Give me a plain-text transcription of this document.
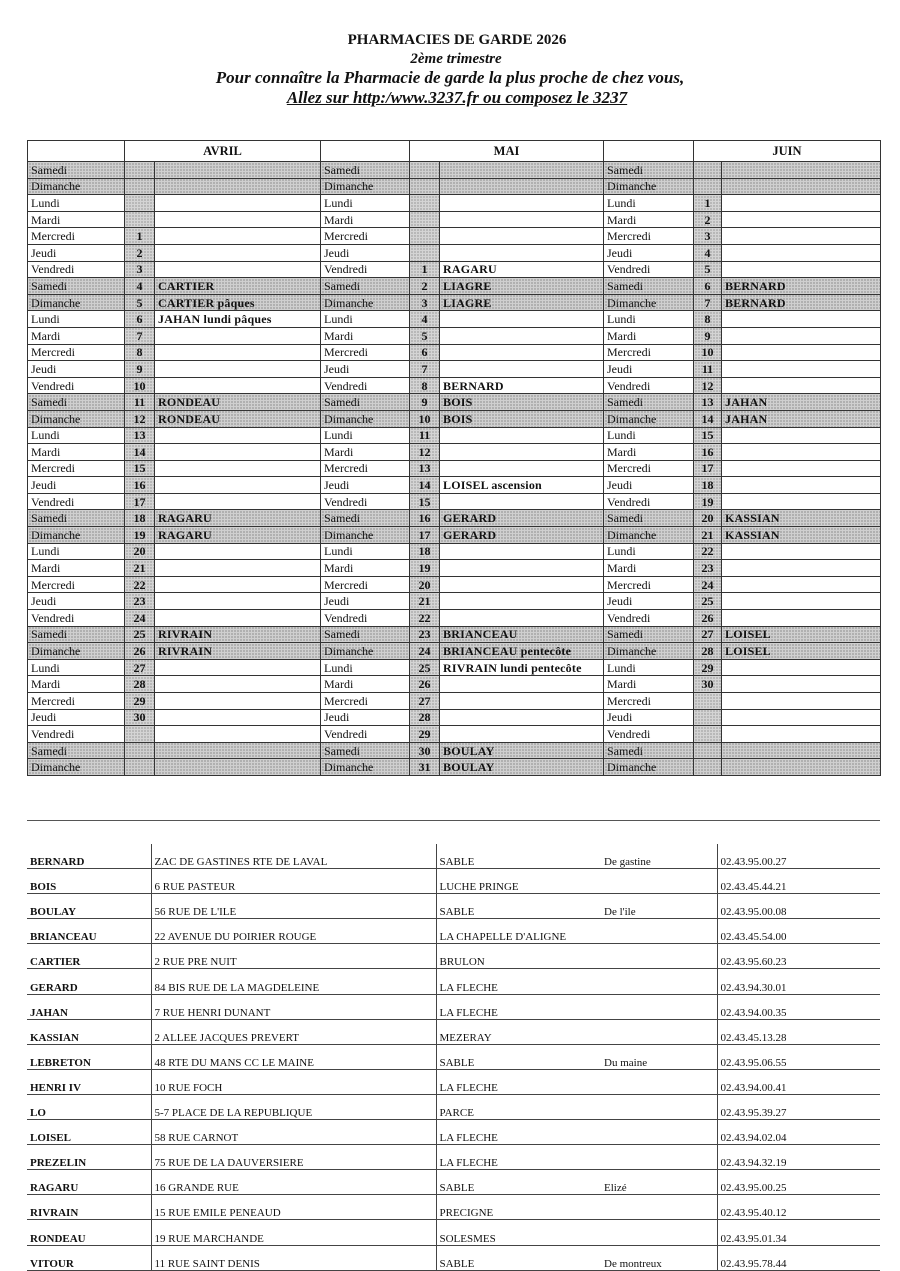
PHARMACIES DE GARDE 2026
2ème trimestre
Pour connaître la Pharmacie de garde la plus proche de chez vous,
Allez sur http:/www.3237.fr ou composez le 3237
	AVRIL			MAI			JUIN	
Samedi			Samedi			Samedi		
Dimanche			Dimanche			Dimanche		
Lundi			Lundi			Lundi	1	
Mardi			Mardi			Mardi	2	
Mercredi	1		Mercredi			Mercredi	3	
Jeudi	2		Jeudi			Jeudi	4	
Vendredi	3		Vendredi	1	RAGARU	Vendredi	5	
Samedi	4	CARTIER	Samedi	2	LIAGRE	Samedi	6	BERNARD
Dimanche	5	CARTIER pâques	Dimanche	3	LIAGRE	Dimanche	7	BERNARD
Lundi	6	JAHAN lundi pâques	Lundi	4		Lundi	8	
Mardi	7		Mardi	5		Mardi	9	
Mercredi	8		Mercredi	6		Mercredi	10	
Jeudi	9		Jeudi	7		Jeudi	11	
Vendredi	10		Vendredi	8	BERNARD	Vendredi	12	
Samedi	11	RONDEAU	Samedi	9	BOIS	Samedi	13	JAHAN
Dimanche	12	RONDEAU	Dimanche	10	BOIS	Dimanche	14	JAHAN
Lundi	13		Lundi	11		Lundi	15	
Mardi	14		Mardi	12		Mardi	16	
Mercredi	15		Mercredi	13		Mercredi	17	
Jeudi	16		Jeudi	14	LOISEL ascension	Jeudi	18	
Vendredi	17		Vendredi	15		Vendredi	19	
Samedi	18	RAGARU	Samedi	16	GERARD	Samedi	20	KASSIAN
Dimanche	19	RAGARU	Dimanche	17	GERARD	Dimanche	21	KASSIAN
Lundi	20		Lundi	18		Lundi	22	
Mardi	21		Mardi	19		Mardi	23	
Mercredi	22		Mercredi	20		Mercredi	24	
Jeudi	23		Jeudi	21		Jeudi	25	
Vendredi	24		Vendredi	22		Vendredi	26	
Samedi	25	RIVRAIN	Samedi	23	BRIANCEAU	Samedi	27	LOISEL
Dimanche	26	RIVRAIN	Dimanche	24	BRIANCEAU pentecôte	Dimanche	28	LOISEL
Lundi	27		Lundi	25	RIVRAIN lundi pentecôte	Lundi	29	
Mardi	28		Mardi	26		Mardi	30	
Mercredi	29		Mercredi	27		Mercredi		
Jeudi	30		Jeudi	28		Jeudi		
Vendredi			Vendredi	29		Vendredi		
Samedi			Samedi	30	BOULAY	Samedi		
Dimanche			Dimanche	31	BOULAY	Dimanche		
BERNARD	ZAC DE GASTINES RTE DE LAVAL	SABLE	De gastine	02.43.95.00.27
BOIS	6 RUE PASTEUR	LUCHE PRINGE		02.43.45.44.21
BOULAY	56 RUE DE L'ILE	SABLE	De l'ile	02.43.95.00.08
BRIANCEAU	22 AVENUE DU POIRIER ROUGE	LA CHAPELLE D'ALIGNE		02.43.45.54.00
CARTIER	2 RUE PRE NUIT	BRULON		02.43.95.60.23
GERARD	84 BIS RUE DE LA MAGDELEINE	LA FLECHE		02.43.94.30.01
JAHAN	7 RUE HENRI DUNANT	LA FLECHE		02.43.94.00.35
KASSIAN	2 ALLEE JACQUES PREVERT	MEZERAY		02.43.45.13.28
LEBRETON	48 RTE DU MANS CC LE MAINE	SABLE	Du maine	02.43.95.06.55
HENRI IV	10 RUE FOCH	LA FLECHE		02.43.94.00.41
LO	5-7 PLACE DE LA REPUBLIQUE	PARCE		02.43.95.39.27
LOISEL	58 RUE CARNOT	LA FLECHE		02.43.94.02.04
PREZELIN	75 RUE DE LA DAUVERSIERE	LA FLECHE		02.43.94.32.19
RAGARU	16 GRANDE RUE	SABLE	Elizé	02.43.95.00.25
RIVRAIN	15 RUE EMILE PENEAUD	PRECIGNE		02.43.95.40.12
RONDEAU	19 RUE MARCHANDE	SOLESMES		02.43.95.01.34
VITOUR	11 RUE SAINT DENIS	SABLE	De montreux	02.43.95.78.44
